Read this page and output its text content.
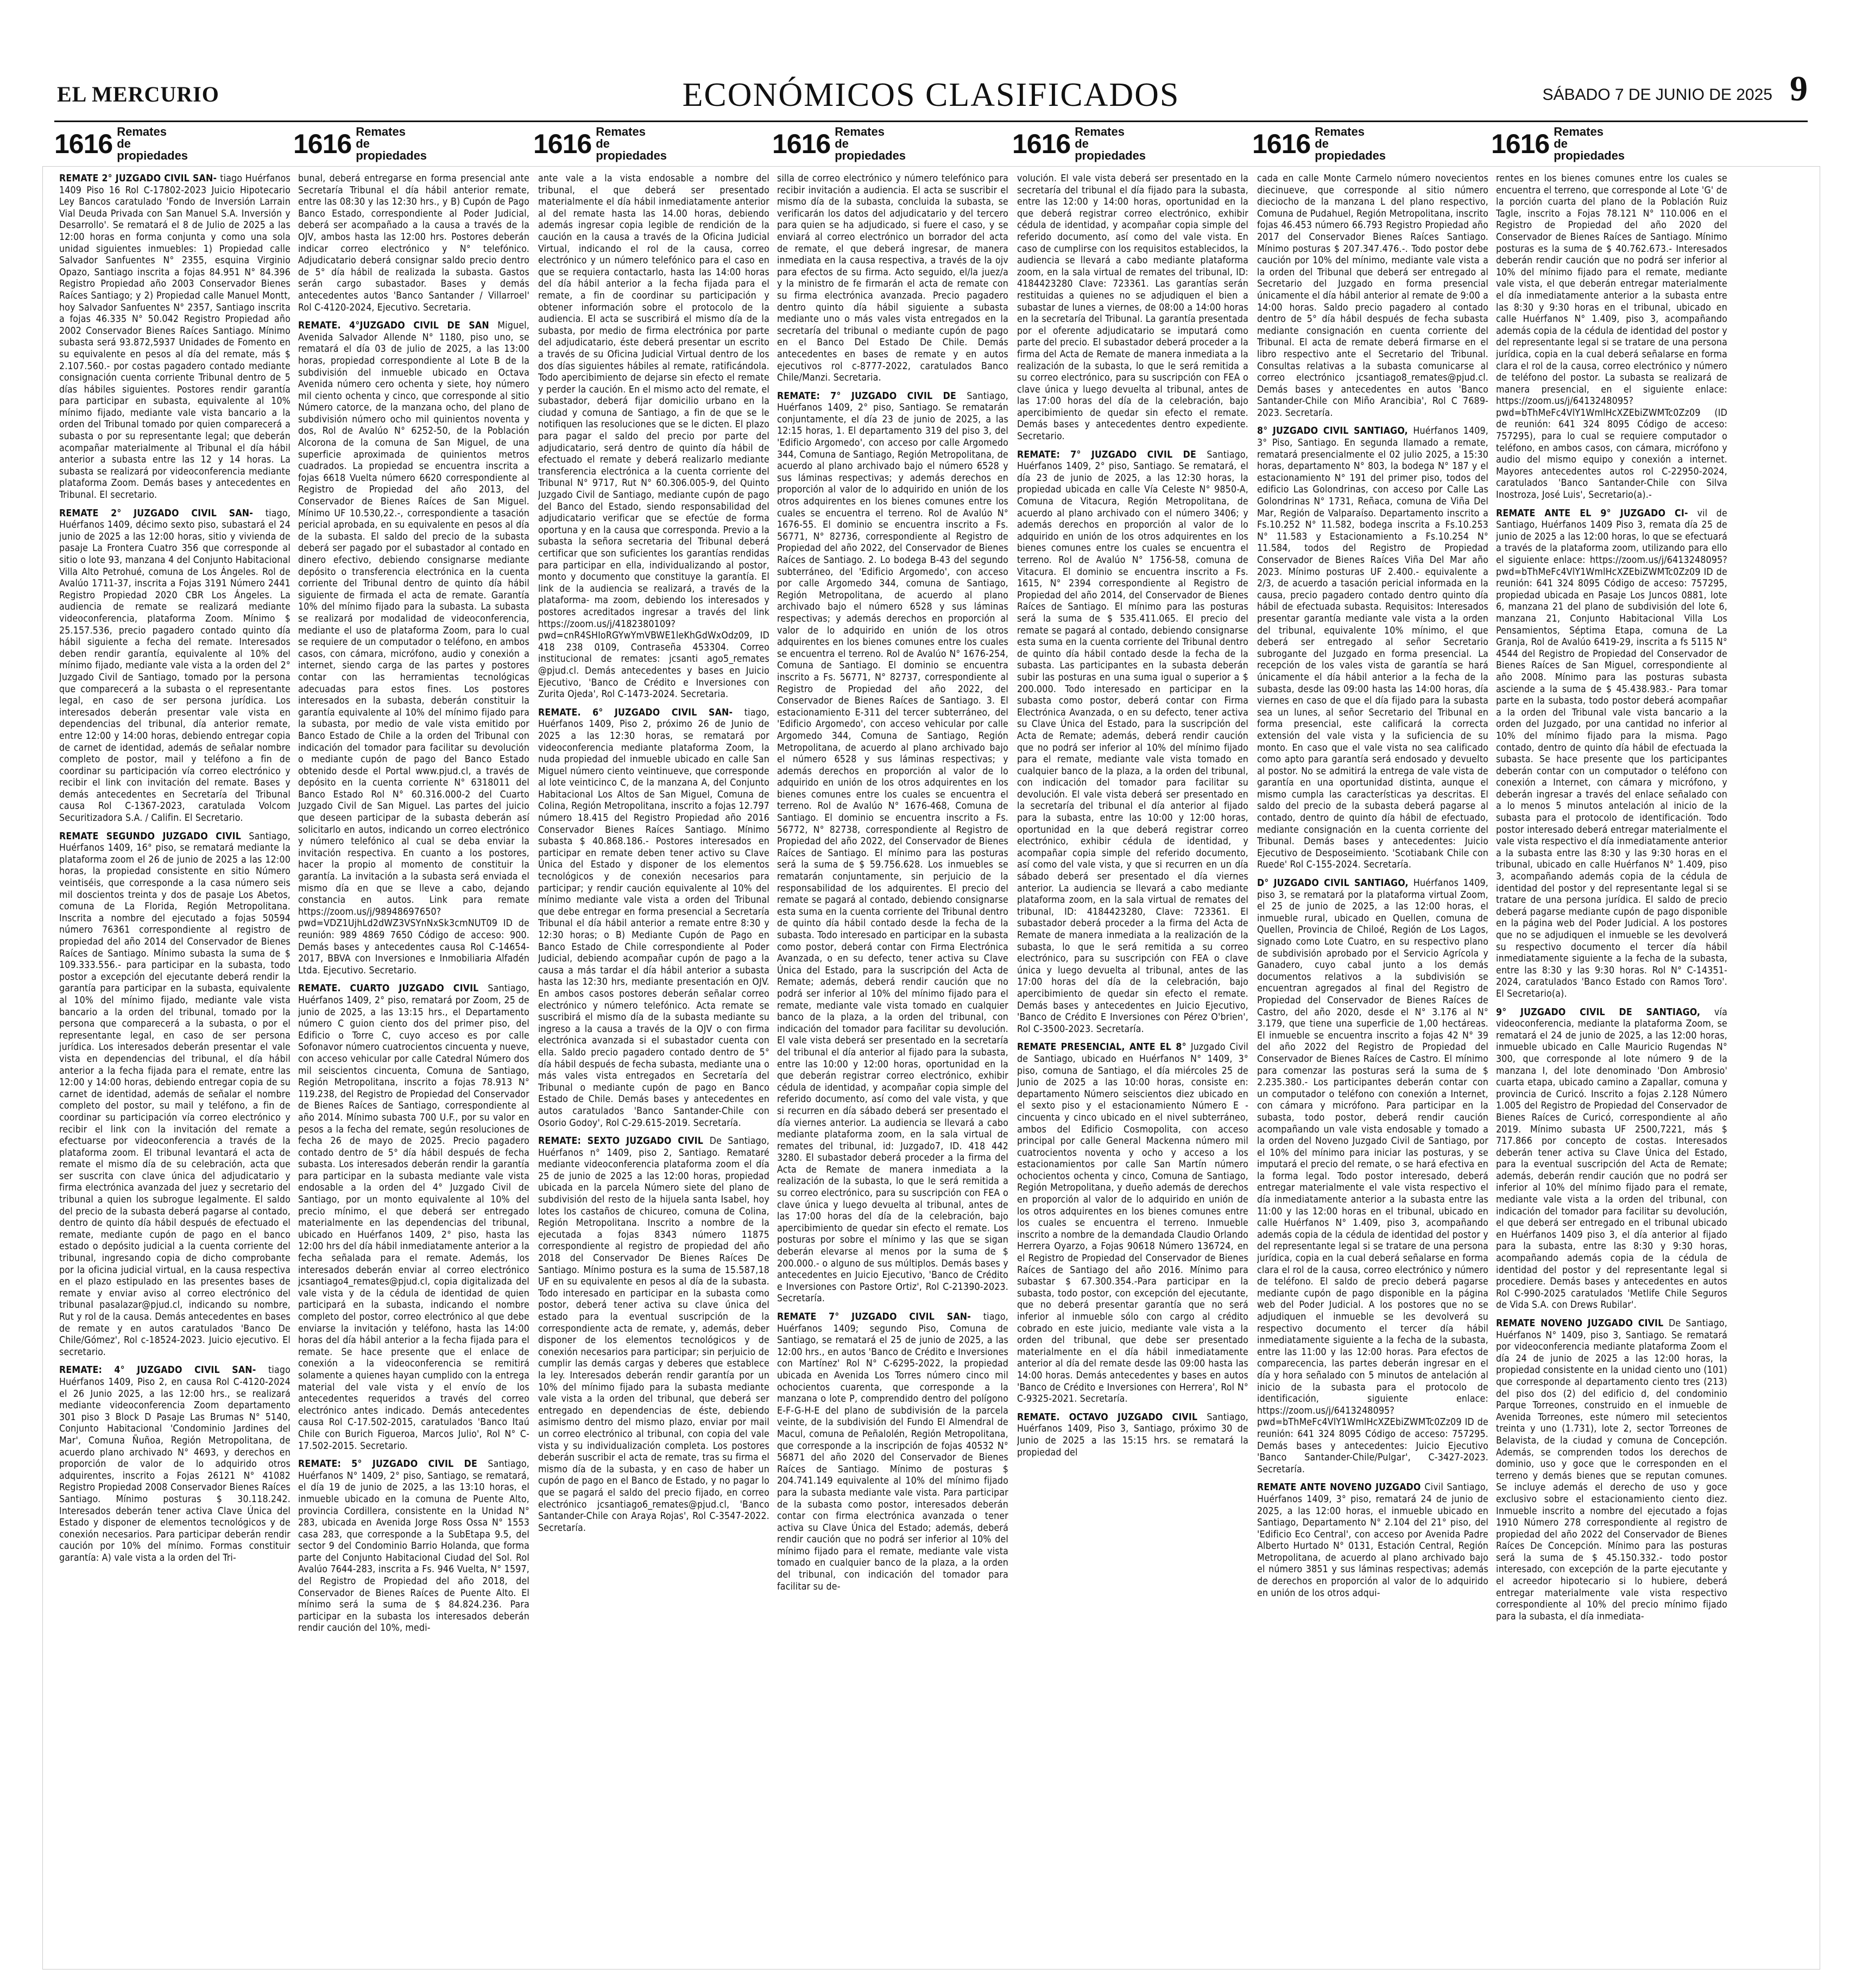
EL MERCURIO	ECONÓMICOS CLASIFICADOS	SÁBADO 7 DE JUNIO DE 2025 9
1616 Remates de propiedades	1616 Remates de propiedades	1616 Remates de propiedades	1616 Remates de propiedades	1616 Remates de propiedades	1616 Remates de propiedades	1616 Remates de propiedades

REMATE 2° JUZGADO CIVIL SAN- tiago Huérfanos 1409 Piso 16 Rol C-17802-2023 Juicio Hipotecario Ley Bancos caratulado 'Fondo de Inversión Larrain Vial Deuda Privada con San Manuel S.A. Inversión y Desarrollo'. Se rematará el 8 de Julio de 2025 a las 12:00 horas en forma conjunta y como una sola unidad siguientes inmuebles: 1) Propiedad calle Salvador Sanfuentes N° 2355, esquina Virginio Opazo, Santiago inscrita a fojas 84.951 N° 84.396 Registro Propiedad año 2003 Conservador Bienes Raíces Santiago; y 2) Propiedad calle Manuel Montt, hoy Salvador Sanfuentes N° 2357, Santiago inscrita a fojas 46.335 N° 50.042 Registro Propiedad año 2002 Conservador Bienes Raíces Santiago. Mínimo subasta será 93.872,5937 Unidades de Fomento en su equivalente en pesos al día del remate, más $ 2.107.560.- por costas pagadero contado mediante consignación cuenta corriente Tribunal dentro de 5 días hábiles siguientes. Postores rendir garantía para participar en subasta, equivalente al 10% mínimo fijado, mediante vale vista bancario a la orden del Tribunal tomado por quien comparecerá a subasta o por su representante legal; que deberán acompañar materialmente al Tribunal el día hábil anterior a subasta entre las 12 y 14 horas. La subasta se realizará por videoconferencia mediante plataforma Zoom. Demás bases y antecedentes en Tribunal. El secretario.

REMATE 2° JUZGADO CIVIL SAN- tiago, Huérfanos 1409, décimo sexto piso, subastará el 24 junio de 2025 a las 12:00 horas, sitio y vivienda de pasaje La Frontera Cuatro 356 que corresponde al sitio o lote 93, manzana 4 del Conjunto Habitacional Villa Alto Petrohué, comuna de Los Ángeles. Rol de Avalúo 1711-37, inscrita a Fojas 3191 Número 2441 Registro Propiedad 2020 CBR Los Ángeles. La audiencia de remate se realizará mediante videoconferencia, plataforma Zoom. Mínimo $ 25.157.536, precio pagadero contado quinto día hábil siguiente a fecha del remate. Interesados deben rendir garantía, equivalente al 10% del mínimo fijado, mediante vale vista a la orden del 2° Juzgado Civil de Santiago, tomado por la persona que comparecerá a la subasta o el representante legal, en caso de ser persona jurídica. Los interesados deberán presentar vale vista en dependencias del tribunal, día anterior remate, entre 12:00 y 14:00 horas, debiendo entregar copia de carnet de identidad, además de señalar nombre completo de postor, mail y teléfono a fin de coordinar su participación vía correo electrónico y recibir el link con invitación del remate. Bases y demás antecedentes en Secretaría del Tribunal causa Rol C-1367-2023, caratulada Volcom Securitizadora S.A. / Califin. El Secretario.

REMATE SEGUNDO JUZGADO CIVIL Santiago, Huérfanos 1409, 16° piso, se rematará mediante la plataforma zoom el 26 de junio de 2025 a las 12:00 horas, la propiedad consistente en sitio Número veintiséis, que corresponde a la casa número seis mil doscientos treinta y dos de pasaje Los Abetos, comuna de La Florida, Región Metropolitana. Inscrita a nombre del ejecutado a fojas 50594 número 76361 correspondiente al registro de propiedad del año 2014 del Conservador de Bienes Raíces de Santiago. Mínimo subasta la suma de $ 109.333.556.- para participar en la subasta, todo postor a excepción del ejecutante deberá rendir la garantía para participar en la subasta, equivalente al 10% del mínimo fijado, mediante vale vista bancario a la orden del tribunal, tomado por la persona que comparecerá a la subasta, o por el representante legal, en caso de ser persona jurídica. Los interesados deberán presentar el vale vista en dependencias del tribunal, el día hábil anterior a la fecha fijada para el remate, entre las 12:00 y 14:00 horas, debiendo entregar copia de su carnet de identidad, además de señalar el nombre completo del postor, su mail y teléfono, a fin de coordinar su participación vía correo electrónico y recibir el link con la invitación del remate a efectuarse por videoconferencia a través de la plataforma zoom. El tribunal levantará el acta de remate el mismo día de su celebración, acta que ser suscrita con clave única del adjudicatario y firma electrónica avanzada del juez y secretario del tribunal a quien los subrogue legalmente. El saldo del precio de la subasta deberá pagarse al contado, dentro de quinto día hábil después de efectuado el remate, mediante cupón de pago en el banco estado o depósito judicial a la cuenta corriente del tribunal, ingresando copia de dicho comprobante por la oficina judicial virtual, en la causa respectiva en el plazo estipulado en las presentes bases de remate y enviar aviso al correo electrónico del tribunal pasalazar@pjud.cl, indicando su nombre, Rut y rol de la causa. Demás antecedentes en bases de remate y en autos caratulados 'Banco De Chile/Gómez', Rol c-18524-2023. Juicio ejecutivo. El secretario.

REMATE: 4° JUZGADO CIVIL SAN- tiago Huérfanos 1409, Piso 2, en causa Rol C-4120-2024 el 26 Junio 2025, a las 12:00 hrs., se realizará mediante videoconferencia Zoom departamento 301 piso 3 Block D Pasaje Las Brumas N° 5140, Conjunto Habitacional 'Condominio Jardines del Mar', Comuna Ñuñoa, Región Metropolitana, de acuerdo plano archivado N° 4693, y derechos en proporción de valor de lo adquirido otros adquirentes, inscrito a Fojas 26121 N° 41082 Registro Propiedad 2008 Conservador Bienes Raíces Santiago. Mínimo posturas $ 30.118.242. Interesados deberán tener activa Clave Única del Estado y disponer de elementos tecnológicos y de conexión necesarios. Para participar deberán rendir caución por 10% del mínimo. Formas constituir garantía: A) vale vista a la orden del Tri-

bunal, deberá entregarse en forma presencial ante Secretaría Tribunal el día hábil anterior remate, entre las 08:30 y las 12:30 hrs., y B) Cupón de Pago Banco Estado, correspondiente al Poder Judicial, deberá ser acompañado a la causa a través de la OJV, ambos hasta las 12:00 hrs. Postores deberán indicar correo electrónico y N° telefónico. Adjudicatario deberá consignar saldo precio dentro de 5° día hábil de realizada la subasta. Gastos serán cargo subastador. Bases y demás antecedentes autos 'Banco Santander / Villarroel' Rol C-4120-2024, Ejecutivo. Secretaria.

REMATE. 4°JUZGADO CIVIL DE SAN Miguel, Avenida Salvador Allende N° 1180, piso uno, se rematará el día 03 de julio de 2025, a las 13:00 horas, propiedad correspondiente al Lote B de la subdivisión del inmueble ubicado en Octava Avenida número cero ochenta y siete, hoy número mil ciento ochenta y cinco, que corresponde al sitio Número catorce, de la manzana ocho, del plano de subdivisión número ocho mil quinientos noventa y dos, Rol de Avalúo N° 6252-50, de la Población Alcorona de la comuna de San Miguel, de una superficie aproximada de quinientos metros cuadrados. La propiedad se encuentra inscrita a fojas 6618 Vuelta número 6620 correspondiente al Registro de Propiedad del año 2013, del Conservador de Bienes Raíces de San Miguel. Mínimo UF 10.530,22.-, correspondiente a tasación pericial aprobada, en su equivalente en pesos al día de la subasta. El saldo del precio de la subasta deberá ser pagado por el subastador al contado en dinero efectivo, debiendo consignarse mediante depósito o transferencia electrónica en la cuenta corriente del Tribunal dentro de quinto día hábil siguiente de firmada el acta de remate. Garantía 10% del mínimo fijado para la subasta. La subasta se realizará por modalidad de videoconferencia, mediante el uso de plataforma Zoom, para lo cual se requiere de un computador o teléfono, en ambos casos, con cámara, micrófono, audio y conexión a internet, siendo carga de las partes y postores contar con las herramientas tecnológicas adecuadas para estos fines. Los postores interesados en la subasta, deberán constituir la garantía equivalente al 10% del mínimo fijado para la subasta, por medio de vale vista emitido por Banco Estado de Chile a la orden del Tribunal con indicación del tomador para facilitar su devolución o mediante cupón de pago del Banco Estado obtenido desde el Portal www.pjud.cl, a través de depósito en la cuenta corriente N° 6318011 del Banco Estado Rol N° 60.316.000-2 del Cuarto Juzgado Civil de San Miguel. Las partes del juicio que deseen participar de la subasta deberán así solicitarlo en autos, indicando un correo electrónico y número telefónico al cual se deba enviar la invitación respectiva. En cuanto a los postores, hacer la propio al momento de constituir la garantía. La invitación a la subasta será enviada el mismo día en que se lleve a cabo, dejando constancia en autos. Link para remate https://zoom.us/j/98948697650?pwd=VDZ1UjhLd2dWZ3VSYnNxSk3cmNUT09 ID de reunión: 989 4869 7650 Código de acceso: 900. Demás bases y antecedentes causa Rol C-14654-2017, BBVA con Inversiones e Inmobiliaria Alfadén Ltda. Ejecutivo. Secretario.

REMATE. CUARTO JUZGADO CIVIL Santiago, Huérfanos 1409, 2° piso, rematará por Zoom, 25 de junio de 2025, a las 13:15 hrs., el Departamento número C guion ciento dos del primer piso, del Edificio o Torre C, cuyo acceso es por calle Sofonavor número cuatrocientos cincuenta y nueve, con acceso vehicular por calle Catedral Número dos mil seiscientos cincuenta, Comuna de Santiago, Región Metropolitana, inscrito a fojas 78.913 N° 119.238, del Registro de Propiedad del Conservador de Bienes Raíces de Santiago, correspondiente al año 2014. Mínimo subasta 700 U.F., por su valor en pesos a la fecha del remate, según resoluciones de fecha 26 de mayo de 2025. Precio pagadero contado dentro de 5° día hábil después de fecha subasta. Los interesados deberán rendir la garantía para participar en la subasta mediante vale vista endosable a la orden del 4° Juzgado Civil de Santiago, por un monto equivalente al 10% del precio mínimo, el que deberá ser entregado materialmente en las dependencias del tribunal, ubicado en Huérfanos 1409, 2° piso, hasta las 12:00 hrs del día hábil inmediatamente anterior a la fecha señalada para el remate. Además, los interesados deberán enviar al correo electrónico jcsantiago4_remates@pjud.cl, copia digitalizada del vale vista y de la cédula de identidad de quien participará en la subasta, indicando el nombre completo del postor, correo electrónico al que debe enviarse la invitación y teléfono, hasta las 14:00 horas del día hábil anterior a la fecha fijada para el remate. Se hace presente que el enlace de conexión a la videoconferencia se remitirá solamente a quienes hayan cumplido con la entrega material del vale vista y el envío de los antecedentes requeridos a través del correo electrónico antes indicado. Demás antecedentes causa Rol C-17.502-2015, caratulados 'Banco Itaú Chile con Burich Figueroa, Marcos Julio', Rol N° C-17.502-2015. Secretario.

REMATE: 5° JUZGADO CIVIL DE Santiago, Huérfanos N° 1409, 2° piso, Santiago, se rematará, el día 19 de junio de 2025, a las 13:10 horas, el inmueble ubicado en la comuna de Puente Alto, provincia Cordillera, consistente en la Unidad N° 283, ubicada en Avenida Jorge Ross Ossa N° 1553 casa 283, que corresponde a la SubEtapa 9.5, del sector 9 del Condominio Barrio Holanda, que forma parte del Conjunto Habitacional Ciudad del Sol. Rol Avalúo 7644-283, inscrita a Fs. 946 Vuelta, N° 1597, del Registro de Propiedad del año 2018, del Conservador de Bienes Raíces de Puente Alto. El mínimo será la suma de $ 84.824.236. Para participar en la subasta los interesados deberán rendir caución del 10%, medi-

ante vale a la vista endosable a nombre del tribunal, el que deberá ser presentado materialmente el día hábil inmediatamente anterior al del remate hasta las 14.00 horas, debiendo además ingresar copia legible de rendición de la caución en la causa a través de la Oficina Judicial Virtual, indicando el rol de la causa, correo electrónico y un número telefónico para el caso en que se requiera contactarlo, hasta las 14:00 horas del día hábil anterior a la fecha fijada para el remate, a fin de coordinar su participación y obtener información sobre el protocolo de la audiencia. El acta se suscribirá el mismo día de la subasta, por medio de firma electrónica por parte del adjudicatario, éste deberá presentar un escrito a través de su Oficina Judicial Virtual dentro de los dos días siguientes hábiles al remate, ratificándola. Todo apercibimiento de dejarse sin efecto el remate y perder la caución. En el mismo acto del remate, el subastador, deberá fijar domicilio urbano en la ciudad y comuna de Santiago, a fin de que se le notifiquen las resoluciones que se le dicten. El plazo para pagar el saldo del precio por parte del adjudicatario, será dentro de quinto día hábil de efectuado el remate y deberá realizarlo mediante transferencia electrónica a la cuenta corriente del Tribunal N° 9717, Rut N° 60.306.005-9, del Quinto Juzgado Civil de Santiago, mediante cupón de pago del Banco del Estado, siendo responsabilidad del adjudicatario verificar que se efectúe de forma oportuna y en la causa que corresponda. Previo a la subasta la señora secretaria del Tribunal deberá certificar que son suficientes los garantías rendidas para participar en ella, individualizando al postor, monto y documento que constituye la garantía. El link de la audiencia se realizará, a través de la plataforma- ma zoom, debiendo los interesados y postores acreditados ingresar a través del link https://zoom.us/j/4182380109?pwd=cnR4SHIoRGYwYmVBWE1leKhGdWxOdz09, ID 418 238 0109, Contraseña 453304. Correo institucional de remates: jcsanti ago5_remates @pjud.cl. Demás antecedentes y bases en Juicio Ejecutivo, 'Banco de Crédito e Inversiones con Zurita Ojeda', Rol C-1473-2024. Secretaria.

REMATE. 6° JUZGADO CIVIL SAN- tiago, Huérfanos 1409, Piso 2, próximo 26 de Junio de 2025 a las 12:30 horas, se rematará por videoconferencia mediante plataforma Zoom, la nuda propiedad del inmueble ubicado en calle San Miguel número ciento veintinueve, que corresponde al lote veinticinco C, de la manzana A, del Conjunto Habitacional Los Altos de San Miguel, Comuna de Colina, Región Metropolitana, inscrito a fojas 12.797 número 18.415 del Registro Propiedad año 2016 Conservador Bienes Raíces Santiago. Mínimo subasta $ 40.868.186.- Postores interesados en participar en remate deben tener activo su Clave Única del Estado y disponer de los elementos tecnológicos y de conexión necesarios para participar; y rendir caución equivalente al 10% del mínimo mediante vale vista a orden del Tribunal que debe entregar en forma presencial a Secretaría Tribunal el día hábil anterior a remate entre 8:30 y 12:30 horas; o B) Mediante Cupón de Pago en Banco Estado de Chile correspondiente al Poder Judicial, debiendo acompañar cupón de pago a la causa a más tardar el día hábil anterior a subasta hasta las 12:30 hrs, mediante presentación en OJV. En ambos casos postores deberán señalar correo electrónico y número telefónico. Acta remate se suscribirá el mismo día de la subasta mediante su ingreso a la causa a través de la OJV o con firma electrónica avanzada si el subastador cuenta con ella. Saldo precio pagadero contado dentro de 5° día hábil después de fecha subasta, mediante una o más vales vista entregados en Secretaría del Tribunal o mediante cupón de pago en Banco Estado de Chile. Demás bases y antecedentes en autos caratulados 'Banco Santander-Chile con Osorio Godoy', Rol C-29.615-2019. Secretaría.

REMATE: SEXTO JUZGADO CIVIL De Santiago, Huérfanos n° 1409, piso 2, Santiago. Remataré mediante videoconferencia plataforma zoom el día 25 de junio de 2025 a las 12:00 horas, propiedad ubicada en la parcela Número siete del plano de subdivisión del resto de la hijuela santa Isabel, hoy lotes los castaños de chicureo, comuna de Colina, Región Metropolitana. Inscrito a nombre de la ejecutada a fojas 8343 número 11875 correspondiente al registro de propiedad del año 2018 del Conservador De Bienes Raíces De Santiago. Mínimo postura es la suma de 15.587,18 UF en su equivalente en pesos al día de la subasta. Todo interesado en participar en la subasta como postor, deberá tener activa su clave única del estado para la eventual suscripción de la correspondiente acta de remate, y, además, deber disponer de los elementos tecnológicos y de conexión necesarios para participar; sin perjuicio de cumplir las demás cargas y deberes que establece la ley. Interesados deberán rendir garantía por un 10% del mínimo fijado para la subasta mediante vale vista a la orden del tribunal, que deberá ser entregado en dependencias de éste, debiendo asimismo dentro del mismo plazo, enviar por mail un correo electrónico al tribunal, con copia del vale vista y su individualización completa. Los postores deberán suscribir el acta de remate, tras su firma el mismo día de la subasta, y en caso de haber un cupón de pago en el Banco de Estado, y no pagar lo que se pagará el saldo del precio fijado, en correo electrónico jcsantiago6_remates@pjud.cl, 'Banco Santander-Chile con Araya Rojas', Rol C-3547-2022. Secretaría.

silla de correo electrónico y número telefónico para recibir invitación a audiencia. El acta se suscribir el mismo día de la subasta, concluida la subasta, se verificarán los datos del adjudicatario y del tercero para quien se ha adjudicado, si fuere el caso, y se enviará al correo electrónico un borrador del acta de remate, el que deberá ingresar, de manera inmediata en la causa respectiva, a través de la ojv para efectos de su firma. Acto seguido, el/la juez/a y la ministro de fe firmarán el acta de remate con su firma electrónica avanzada. Precio pagadero dentro quinto día hábil siguiente a subasta mediante uno o más vales vista entregados en la secretaría del tribunal o mediante cupón de pago en el Banco Del Estado De Chile. Demás antecedentes en bases de remate y en autos ejecutivos rol c-8777-2022, caratulados Banco Chile/Manzi. Secretaria.

REMATE: 7° JUZGADO CIVIL DE Santiago, Huérfanos 1409, 2° piso, Santiago. Se rematarán conjuntamente, el día 23 de junio de 2025, a las 12:15 horas, 1. El departamento 319 del piso 3, del 'Edificio Argomedo', con acceso por calle Argomedo 344, Comuna de Santiago, Región Metropolitana, de acuerdo al plano archivado bajo el número 6528 y sus láminas respectivas; y además derechos en proporción al valor de lo adquirido en unión de los otros adquirentes en los bienes comunes entre los cuales se encuentra el terreno. Rol de Avalúo N° 1676-55. El dominio se encuentra inscrito a Fs. 56771, N° 82736, correspondiente al Registro de Propiedad del año 2022, del Conservador de Bienes Raíces de Santiago. 2. Lo bodega B-43 del segundo subterráneo, del 'Edificio Argomedo', con acceso por calle Argomedo 344, comuna de Santiago, Región Metropolitana, de acuerdo al plano archivado bajo el número 6528 y sus láminas respectivas; y además derechos en proporción al valor de lo adquirido en unión de los otros adquirentes en los bienes comunes entre los cuales se encuentra el terreno. Rol de Avalúo N° 1676-254, Comuna de Santiago. El dominio se encuentra inscrito a Fs. 56771, N° 82737, correspondiente al Registro de Propiedad del año 2022, del Conservador de Bienes Raíces de Santiago. 3. El estacionamiento E-311 del tercer subterráneo, del 'Edificio Argomedo', con acceso vehicular por calle Argomedo 344, Comuna de Santiago, Región Metropolitana, de acuerdo al plano archivado bajo el número 6528 y sus láminas respectivas; y además derechos en proporción al valor de lo adquirido en unión de los otros adquirentes en los bienes comunes entre los cuales se encuentra el terreno. Rol de Avalúo N° 1676-468, Comuna de Santiago. El dominio se encuentra inscrito a Fs. 56772, N° 82738, correspondiente al Registro de Propiedad del año 2022, del Conservador de Bienes Raíces de Santiago. El mínimo para las posturas será la suma de $ 59.756.628. Los inmuebles se rematarán conjuntamente, sin perjuicio de la responsabilidad de los adquirentes. El precio del remate se pagará al contado, debiendo consignarse esta suma en la cuenta corriente del Tribunal dentro de quinto día hábil contado desde la fecha de la subasta. Todo interesado en participar en la subasta como postor, deberá contar con Firma Electrónica Avanzada, o en su defecto, tener activa su Clave Única del Estado, para la suscripción del Acta de Remate; además, deberá rendir caución que no podrá ser inferior al 10% del mínimo fijado para el remate, mediante vale vista tomado en cualquier banco de la plaza, a la orden del tribunal, con indicación del tomador para facilitar su devolución. El vale vista deberá ser presentado en la secretaría del tribunal el día anterior al fijado para la subasta, entre las 10:00 y 12:00 horas, oportunidad en la que deberán registrar correo electrónico, exhibir cédula de identidad, y acompañar copia simple del referido documento, así como del vale vista, y que si recurren en día sábado deberá ser presentado el día viernes anterior. La audiencia se llevará a cabo mediante plataforma zoom, en la sala virtual de remates del tribunal, id: Juzgado7, ID. 418 442 3280. El subastador deberá proceder a la firma del Acta de Remate de manera inmediata a la realización de la subasta, lo que le será remitida a su correo electrónico, para su suscripción con FEA o clave única y luego devuelta al tribunal, antes de las 17:00 horas del día de la celebración, bajo apercibimiento de quedar sin efecto el remate. Los posturas por sobre el mínimo y las que se sigan deberán elevarse al menos por la suma de $ 200.000.- o alguno de sus múltiplos. Demás bases y antecedentes en Juicio Ejecutivo, 'Banco de Crédito e Inversiones con Pastore Ortiz', Rol C-21390-2023. Secretaría.

REMATE 7° JUZGADO CIVIL SAN- tiago, Huérfanos 1409; segundo Piso, Comuna de Santiago, se rematará el 25 de junio de 2025, a las 12:00 hrs., en autos 'Banco de Crédito e Inversiones con Martínez' Rol N° C-6295-2022, la propiedad ubicada en Avenida Los Torres número cinco mil ochocientos cuarenta, que corresponde a la manzana o lote P, comprendido dentro del polígono E-F-G-H-E del plano de subdivisión de la parcela veinte, de la subdivisión del Fundo El Almendral de Macul, comuna de Peñalolén, Región Metropolitana, que corresponde a la inscripción de fojas 40532 N° 56871 del año 2020 del Conservador de Bienes Raíces de Santiago. Mínimo de posturas $ 204.741.149 equivalente al 10% del mínimo fijado para la subasta mediante vale vista. Para participar de la subasta como postor, interesados deberán contar con firma electrónica avanzada o tener activa su Clave Única del Estado; además, deberá rendir caución que no podrá ser inferior al 10% del mínimo fijado para el remate, mediante vale vista tomado en cualquier banco de la plaza, a la orden del tribunal, con indicación del tomador para facilitar su de-

volución. El vale vista deberá ser presentado en la secretaría del tribunal el día fijado para la subasta, entre las 12:00 y 14:00 horas, oportunidad en la que deberá registrar correo electrónico, exhibir cédula de identidad, y acompañar copia simple del referido documento, así como del vale vista. En caso de cumplirse con los requisitos establecidos, la audiencia se llevará a cabo mediante plataforma zoom, en la sala virtual de remates del tribunal, ID: 4184423280 Clave: 723361. Las garantías serán restituidas a quienes no se adjudiquen el bien a subastar de lunes a viernes, de 08:00 a 14:00 horas en la secretaría del Tribunal. La garantía presentada por el oferente adjudicatario se imputará como parte del precio. El subastador deberá proceder a la firma del Acta de Remate de manera inmediata a la realización de la subasta, lo que le será remitida a su correo electrónico, para su suscripción con FEA o clave única y luego devuelta al tribunal, antes de las 17:00 horas del día de la celebración, bajo apercibimiento de quedar sin efecto el remate. Demás bases y antecedentes dentro expediente. Secretario.

REMATE: 7° JUZGADO CIVIL DE Santiago, Huérfanos 1409, 2° piso, Santiago. Se rematará, el día 23 de junio de 2025, a las 12:30 horas, la propiedad ubicada en calle Vía Celeste N° 9850-A, Comuna de Vitacura, Región Metropolitana, de acuerdo al plano archivado con el número 3406; y además derechos en proporción al valor de lo adquirido en unión de los otros adquirentes en los bienes comunes entre los cuales se encuentra el terreno. Rol de Avalúo N° 1756-58, comuna de Vitacura. El dominio se encuentra inscrito a Fs. 1615, N° 2394 correspondiente al Registro de Propiedad del año 2014, del Conservador de Bienes Raíces de Santiago. El mínimo para las posturas será la suma de $ 535.411.065. El precio del remate se pagará al contado, debiendo consignarse esta suma en la cuenta corriente del Tribunal dentro de quinto día hábil contado desde la fecha de la subasta. Las participantes en la subasta deberán subir las posturas en una suma igual o superior a $ 200.000. Todo interesado en participar en la subasta como postor, deberá contar con Firma Electrónica Avanzada, o en su defecto, tener activa su Clave Única del Estado, para la suscripción del Acta de Remate; además, deberá rendir caución que no podrá ser inferior al 10% del mínimo fijado para el remate, mediante vale vista tomado en cualquier banco de la plaza, a la orden del tribunal, con indicación del tomador para facilitar su devolución. El vale vista deberá ser presentado en la secretaría del tribunal el día anterior al fijado para la subasta, entre las 10:00 y 12:00 horas, oportunidad en la que deberá registrar correo electrónico, exhibir cédula de identidad, y acompañar copia simple del referido documento, así como del vale vista, y que si recurren en un día sábado deberá ser presentado el día viernes anterior. La audiencia se llevará a cabo mediante plataforma zoom, en la sala virtual de remates del tribunal, ID: 4184423280, Clave: 723361. El subastador deberá proceder a la firma del Acta de Remate de manera inmediata a la realización de la subasta, lo que le será remitida a su correo electrónico, para su suscripción con FEA o clave única y luego devuelta al tribunal, antes de las 17:00 horas del día de la celebración, bajo apercibimiento de quedar sin efecto el remate. Demás bases y antecedentes en Juicio Ejecutivo, 'Banco de Crédito E Inversiones con Pérez O'brien', Rol C-3500-2023. Secretaría.

REMATE PRESENCIAL, ANTE EL 8° Juzgado Civil de Santiago, ubicado en Huérfanos N° 1409, 3° piso, comuna de Santiago, el día miércoles 25 de Junio de 2025 a las 10:00 horas, consiste en: departamento Número seiscientos diez ubicado en el sexto piso y el estacionamiento Número E - cincuenta y cinco ubicado en el nivel subterráneo, ambos del Edificio Cosmopolita, con acceso principal por calle General Mackenna número mil cuatrocientos noventa y ocho y acceso a los estacionamientos por calle San Martín número ochocientos ochenta y cinco, Comuna de Santiago, Región Metropolitana, y dueño además de derechos en proporción al valor de lo adquirido en unión de los otros adquirentes en los bienes comunes entre los cuales se encuentra el terreno. Inmueble inscrito a nombre de la demandada Claudio Orlando Herrera Oyarzo, a Fojas 90618 Número 136724, en el Registro de Propiedad del Conservador de Bienes Raíces de Santiago del año 2016. Mínimo para subastar $ 67.300.354.-Para participar en la subasta, todo postor, con excepción del ejecutante, que no deberá presentar garantía que no será inferior al inmueble sólo con cargo al crédito cobrado en este juicio, mediante vale vista a la orden del tribunal, que debe ser presentado materialmente en el día hábil inmediatamente anterior al día del remate desde las 09:00 hasta las 14:00 horas. Demás antecedentes y bases en autos 'Banco de Crédito e Inversiones con Herrera', Rol N° C-9325-2021. Secretaría.

REMATE. OCTAVO JUZGADO CIVIL Santiago, Huérfanos 1409, Piso 3, Santiago, próximo 30 de Junio de 2025 a las 15:15 hrs. se rematará la propiedad del

cada en calle Monte Carmelo número novecientos diecinueve, que corresponde al sitio número dieciocho de la manzana L del plano respectivo, Comuna de Pudahuel, Región Metropolitana, inscrito fojas 46.453 número 66.793 Registro Propiedad año 2017 del Conservador Bienes Raíces Santiago. Mínimo posturas $ 207.347.476.-. Todo postor debe caución por 10% del mínimo, mediante vale vista a la orden del Tribunal que deberá ser entregado al Secretario del Juzgado en forma presencial únicamente el día hábil anterior al remate de 9:00 a 14:00 horas. Saldo precio pagadero al contado dentro de 5° día hábil después de fecha subasta mediante consignación en cuenta corriente del Tribunal. El acta de remate deberá firmarse en el libro respectivo ante el Secretario del Tribunal. Consultas relativas a la subasta comunicarse al correo electrónico jcsantiago8_remates@pjud.cl. Demás bases y antecedentes en autos 'Banco Santander-Chile con Miño Arancibia', Rol C 7689-2023. Secretaría.

8° JUZGADO CIVIL SANTIAGO, Huérfanos 1409, 3° Piso, Santiago. En segunda llamado a remate, rematará presencialmente el 02 julio 2025, a 15:30 horas, departamento N° 803, la bodega N° 187 y el estacionamiento N° 191 del primer piso, todos del edificio Las Golondrinas, con acceso por Calle Las Golondrinas N° 1731, Reñaca, comuna de Viña Del Mar, Región de Valparaíso. Departamento inscrito a Fs.10.252 N° 11.582, bodega inscrita a Fs.10.253 N° 11.583 y Estacionamiento a Fs.10.254 N° 11.584, todos del Registro de Propiedad Conservador de Bienes Raíces Viña Del Mar año 2023. Mínimo posturas UF 2.400.- equivalente a 2/3, de acuerdo a tasación pericial informada en la causa, precio pagadero contado dentro quinto día hábil de efectuada subasta. Requisitos: Interesados presentar garantía mediante vale vista a la orden del tribunal, equivalente 10% mínimo, el que deberá ser entregado al señor Secretario subrogante del Juzgado en forma presencial. La recepción de los vales vista de garantía se hará únicamente el día hábil anterior a la fecha de la subasta, desde las 09:00 hasta las 14:00 horas, día viernes en caso de que el día fijado para la subasta sea un lunes, al señor Secretario del Tribunal en forma presencial, este calificará la correcta extensión del vale vista y la suficiencia de su monto. En caso que el vale vista no sea calificado como apto para garantía será endosado y devuelto al postor. No se admitirá la entrega de vale vista de garantía en una oportunidad distinta, aunque el mismo cumpla las características ya descritas. El saldo del precio de la subasta deberá pagarse al contado, dentro de quinto día hábil de efectuado, mediante consignación en la cuenta corriente del Tribunal. Demás bases y antecedentes: Juicio Ejecutivo de Desposeimiento. 'Scotiabank Chile con Ruede' Rol C-155-2024. Secretaría.

D° JUZGADO CIVIL SANTIAGO, Huérfanos 1409, piso 3, se rematará por la plataforma virtual Zoom, el 25 de junio de 2025, a las 12:00 horas, el inmueble rural, ubicado en Quellen, comuna de Quellen, Provincia de Chiloé, Región de Los Lagos, signado como Lote Cuatro, en su respectivo plano de subdivisión aprobado por el Servicio Agrícola y Ganadero, cuyo cabal junto a los demás documentos relativos a la subdivisión se encuentran agregados al final del Registro de Propiedad del Conservador de Bienes Raíces de Castro, del año 2020, desde el N° 3.176 al N° 3.179, que tiene una superficie de 1,00 hectáreas. El inmueble se encuentra inscrito a fojas 42 N° 39 del año 2022 del Registro de Propiedad del Conservador de Bienes Raíces de Castro. El mínimo para comenzar las posturas será la suma de $ 2.235.380.- Los participantes deberán contar con un computador o teléfono con conexión a Internet, con cámara y micrófono. Para participar en la subasta, todo postor, deberá rendir caución acompañando un vale vista endosable y tomado a la orden del Noveno Juzgado Civil de Santiago, por el 10% del mínimo para iniciar las posturas, y se imputará el precio del remate, o se hará efectiva en la forma legal. Todo postor interesado, deberá entregar materialmente el vale vista respectivo el día inmediatamente anterior a la subasta entre las 11:00 y las 12:00 horas en el tribunal, ubicado en calle Huérfanos N° 1.409, piso 3, acompañando además copia de la cédula de identidad del postor y del representante legal si se tratare de una persona jurídica, copia en la cual deberá señalarse en forma clara el rol de la causa, correo electrónico y número de teléfono. El saldo de precio deberá pagarse mediante cupón de pago disponible en la página web del Poder Judicial. A los postores que no se adjudiquen el inmueble se les devolverá su respectivo documento el tercer día hábil inmediatamente siguiente a la fecha de la subasta, entre las 11:00 y las 12:00 horas. Para efectos de comparecencia, las partes deberán ingresar en el día y hora señalado con 5 minutos de antelación al inicio de la subasta para el protocolo de identificación, siguiente enlace: https://zoom.us/j/6413248095?pwd=bThMeFc4VlY1WmlHcXZEbiZWMTc0Zz09 ID de reunión: 641 324 8095 Código de acceso: 757295. Demás bases y antecedentes: Juicio Ejecutivo 'Banco Santander-Chile/Pulgar', C-3427-2023. Secretaría.

REMATE ANTE NOVENO JUZGADO Civil Santiago, Huérfanos 1409, 3° piso, rematará 24 de junio de 2025, a las 12:00 horas, el inmueble ubicado en Santiago, Departamento N° 2.104 del 21° piso, del 'Edificio Eco Central', con acceso por Avenida Padre Alberto Hurtado N° 0131, Estación Central, Región Metropolitana, de acuerdo al plano archivado bajo el número 3851 y sus láminas respectivas; además de derechos en proporción al valor de lo adquirido en unión de los otros adqui-

rentes en los bienes comunes entre los cuales se encuentra el terreno, que corresponde al Lote 'G' de la porción cuarta del plano de la Población Ruiz Tagle, inscrito a Fojas 78.121 N° 110.006 en el Registro de Propiedad del año 2020 del Conservador de Bienes Raíces de Santiago. Mínimo posturas es la suma de $ 40.762.673.- Interesados deberán rendir caución que no podrá ser inferior al 10% del mínimo fijado para el remate, mediante vale vista, el que deberán entregar materialmente el día inmediatamente anterior a la subasta entre las 8:30 y 9:30 horas en el tribunal, ubicado en calle Huérfanos N° 1.409, piso 3, acompañando además copia de la cédula de identidad del postor y del representante legal si se tratare de una persona jurídica, copia en la cual deberá señalarse en forma clara el rol de la causa, correo electrónico y número de teléfono del postor. La subasta se realizará de manera presencial, en el siguiente enlace: https://zoom.us/j/6413248095?pwd=bThMeFc4VlY1WmlHcXZEbiZWMTc0Zz09 (ID de reunión: 641 324 8095 Código de acceso: 757295), para lo cual se requiere computador o teléfono, en ambos casos, con cámara, micrófono y audio del mismo equipo y conexión a internet. Mayores antecedentes autos rol C-22950-2024, caratulados 'Banco Santander-Chile con Silva Inostroza, José Luis', Secretario(a).-

REMATE ANTE EL 9° JUZGADO CI- vil de Santiago, Huérfanos 1409 Piso 3, remata día 25 de junio de 2025 a las 12:00 horas, lo que se efectuará a través de la plataforma zoom, utilizando para ello el siguiente enlace: https://zoom.us/j/6413248095? pwd=bThMeFc4VlY1WmlHcXZEbiZWMTc0Zz09 ID de reunión: 641 324 8095 Código de acceso: 757295, propiedad ubicada en Pasaje Los Juncos 0881, lote 6, manzana 21 del plano de subdivisión del lote 6, manzana 21, Conjunto Habitacional Villa Los Pensamientos, Séptima Etapa, comuna de La Granja, Rol de Avalúo 6419-29, inscrita a fs 5115 N° 4544 del Registro de Propiedad del Conservador de Bienes Raíces de San Miguel, correspondiente al año 2008. Mínimo para las posturas subasta asciende a la suma de $ 45.438.983.- Para tomar parte en la subasta, todo postor deberá acompañar a la orden del Tribunal vale vista bancario a la orden del Juzgado, por una cantidad no inferior al 10% del mínimo fijado para la misma. Pago contado, dentro de quinto día hábil de efectuada la subasta. Se hace presente que los participantes deberán contar con un computador o teléfono con conexión a Internet, con cámara y micrófono, y deberán ingresar a través del enlace señalado con a lo menos 5 minutos antelación al inicio de la subasta para el protocolo de identificación. Todo postor interesado deberá entregar materialmente el vale vista respectivo el día inmediatamente anterior a la subasta entre las 8:30 y las 9:30 horas en el tribunal, ubicado en calle Huérfanos N° 1.409, piso 3, acompañando además copia de la cédula de identidad del postor y del representante legal si se tratare de una persona jurídica. El saldo de precio deberá pagarse mediante cupón de pago disponible en la página web del Poder Judicial. A los postores que no se adjudiquen el inmueble se les devolverá su respectivo documento el tercer día hábil inmediatamente siguiente a la fecha de la subasta, entre las 8:30 y las 9:30 horas. Rol N° C-14351-2024, caratulados 'Banco Estado con Ramos Toro'. El Secretario(a).

9° JUZGADO CIVIL DE SANTIAGO, vía videoconferencia, mediante la plataforma Zoom, se rematará el 24 de junio de 2025, a las 12:00 horas, inmueble ubicado en Calle Mauricio Rugendas N° 300, que corresponde al lote número 9 de la manzana I, del lote denominado 'Don Ambrosio' cuarta etapa, ubicado camino a Zapallar, comuna y provincia de Curicó. Inscrito a fojas 2.128 Número 1.005 del Registro de Propiedad del Conservador de Bienes Raíces de Curicó, correspondiente al año 2019. Mínimo subasta UF 2500,7221, más $ 717.866 por concepto de costas. Interesados deberán tener activa su Clave Única del Estado, para la eventual suscripción del Acta de Remate; además, deberán rendir caución que no podrá ser inferior al 10% del mínimo fijado para el remate, mediante vale vista a la orden del tribunal, con indicación del tomador para facilitar su devolución, el que deberá ser entregado en el tribunal ubicado en Huérfanos 1409 piso 3, el día anterior al fijado para la subasta, entre las 8:30 y 9:30 horas, acompañando además copia de la cédula de identidad del postor y del representante legal si procediere. Demás bases y antecedentes en autos Rol C-990-2025 caratulados 'Metlife Chile Seguros de Vida S.A. con Drews Rubilar'.

REMATE NOVENO JUZGADO CIVIL De Santiago, Huérfanos N° 1409, piso 3, Santiago. Se rematará por videoconferencia mediante plataforma Zoom el día 24 de junio de 2025 a las 12:00 horas, la propiedad consistente en la unidad ciento uno (101) que corresponde al departamento ciento tres (213) del piso dos (2) del edificio d, del condominio Parque Torreones, construido en el inmueble de Avenida Torreones, este número mil setecientos treinta y uno (1.731), lote 2, sector Torreones de Belavista, de la ciudad y comuna de Concepción. Además, se comprenden todos los derechos de dominio, uso y goce que le corresponden en el terreno y demás bienes que se reputan comunes. Se incluye además el derecho de uso y goce exclusivo sobre el estacionamiento ciento diez. Inmueble inscrito a nombre del ejecutado a fojas 1910 Número 278 correspondiente al registro de propiedad del año 2022 del Conservador de Bienes Raíces De Concepción. Mínimo para las posturas será la suma de $ 45.150.332.- todo postor interesado, con excepción de la parte ejecutante y el acreedor hipotecario si lo hubiere, deberá entregar materialmente vale vista respectivo correspondiente al 10% del precio mínimo fijado para la subasta, el día inmediata-
